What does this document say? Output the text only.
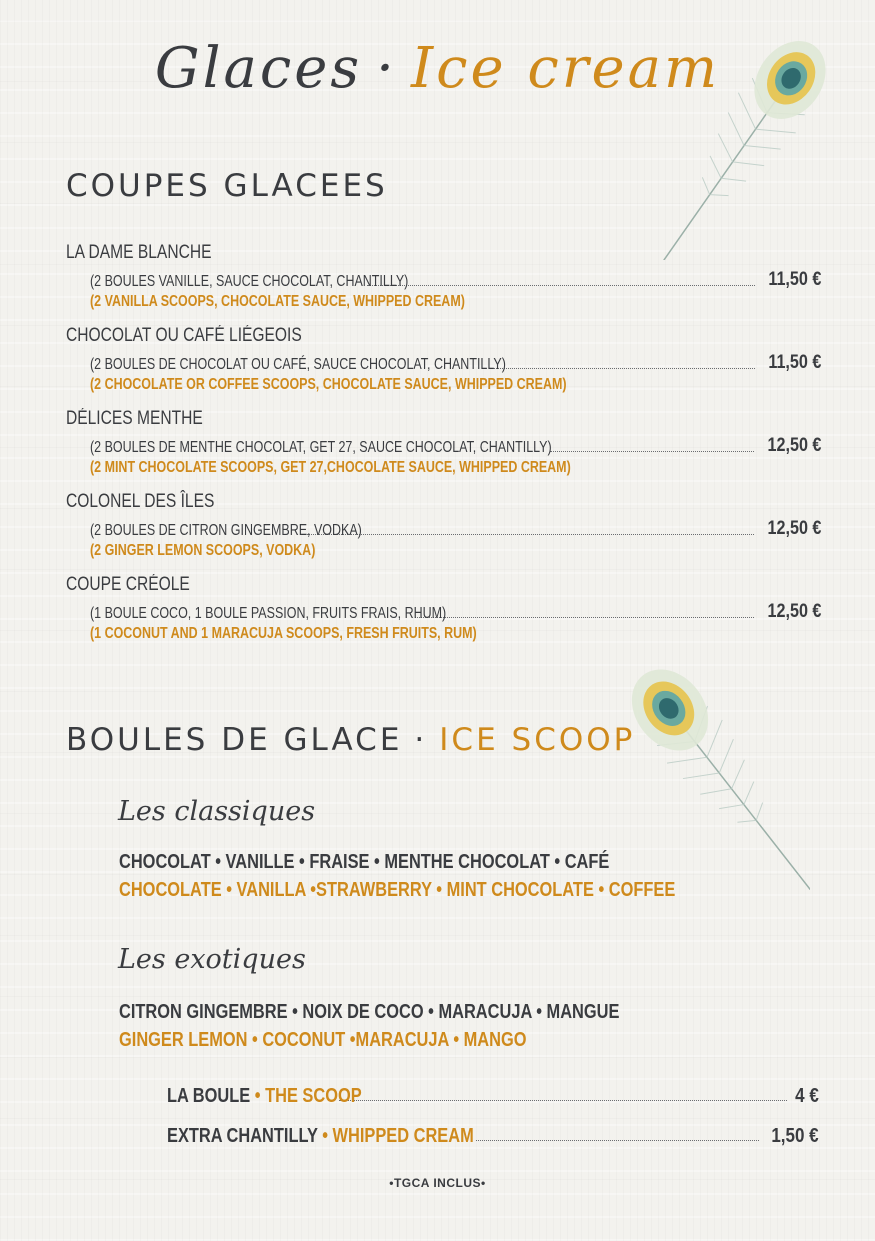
Glaces · Ice cream
COUPES GLACEES
LA DAME BLANCHE
(2 BOULES VANILLE, SAUCE CHOCOLAT, CHANTILLY)	11,50 €
(2 VANILLA SCOOPS, CHOCOLATE SAUCE, WHIPPED CREAM)
CHOCOLAT OU CAFÉ LIÉGEOIS
(2 BOULES DE CHOCOLAT OU CAFÉ, SAUCE CHOCOLAT, CHANTILLY)	11,50 €
(2 CHOCOLATE OR COFFEE SCOOPS, CHOCOLATE SAUCE, WHIPPED CREAM)
DÉLICES MENTHE
(2 BOULES DE MENTHE CHOCOLAT, GET 27, SAUCE CHOCOLAT, CHANTILLY)	12,50 €
(2 MINT CHOCOLATE SCOOPS, GET 27,CHOCOLATE SAUCE, WHIPPED CREAM)
COLONEL DES ÎLES
(2 BOULES DE CITRON GINGEMBRE, VODKA)	12,50 €
(2 GINGER LEMON SCOOPS, VODKA)
COUPE CRÉOLE
(1 BOULE COCO, 1 BOULE PASSION, FRUITS FRAIS, RHUM)	12,50 €
(1 COCONUT AND 1 MARACUJA SCOOPS, FRESH FRUITS, RUM)
BOULES DE GLACE · ICE SCOOP
Les classiques
CHOCOLAT • VANILLE • FRAISE • MENTHE CHOCOLAT • CAFÉ
CHOCOLATE • VANILLA •STRAWBERRY • MINT CHOCOLATE • COFFEE
Les exotiques
CITRON GINGEMBRE • NOIX DE COCO • MARACUJA • MANGUE
GINGER LEMON • COCONUT •MARACUJA • MANGO
LA BOULE • THE SCOOP	4 €
EXTRA CHANTILLY • WHIPPED CREAM	1,50 €
•TGCA INCLUS•
